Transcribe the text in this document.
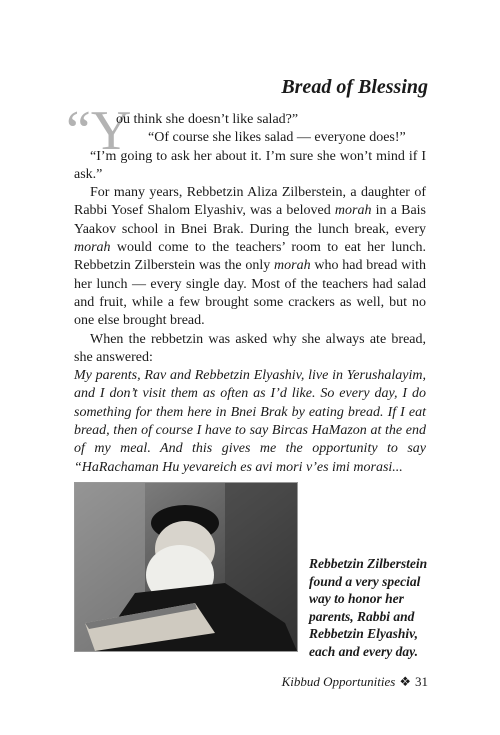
Bread of Blessing
“Y
ou think she doesn’t like salad?”

“Of course she likes salad — everyone does!”

“I’m going to ask her about it. I’m sure she won’t mind if I ask.”

For many years, Rebbetzin Aliza Zilberstein, a daughter of Rabbi Yosef Shalom Elyashiv, was a beloved morah in a Bais Yaakov school in Bnei Brak. During the lunch break, every morah would come to the teachers’ room to eat her lunch. Rebbetzin Zilberstein was the only morah who had bread with her lunch — every single day. Most of the teachers had salad and fruit, while a few brought some crackers as well, but no one else brought bread.

When the rebbetzin was asked why she always ate bread, she answered:

My parents, Rav and Rebbetzin Elyashiv, live in Yerushalayim, and I don’t visit them as often as I’d like. So every day, I do something for them here in Bnei Brak by eating bread. If I eat bread, then of course I have to say Bircas HaMazon at the end of my meal. And this gives me the opportunity to say “HaRachaman Hu yevareich es avi mori v’es imi morasi...

Rebbetzin Zilberstein found a very special way to honor her parents, Rabbi and Rebbetzin Elyashiv, each and every day.
Kibbud Opportunities ❖ 31
